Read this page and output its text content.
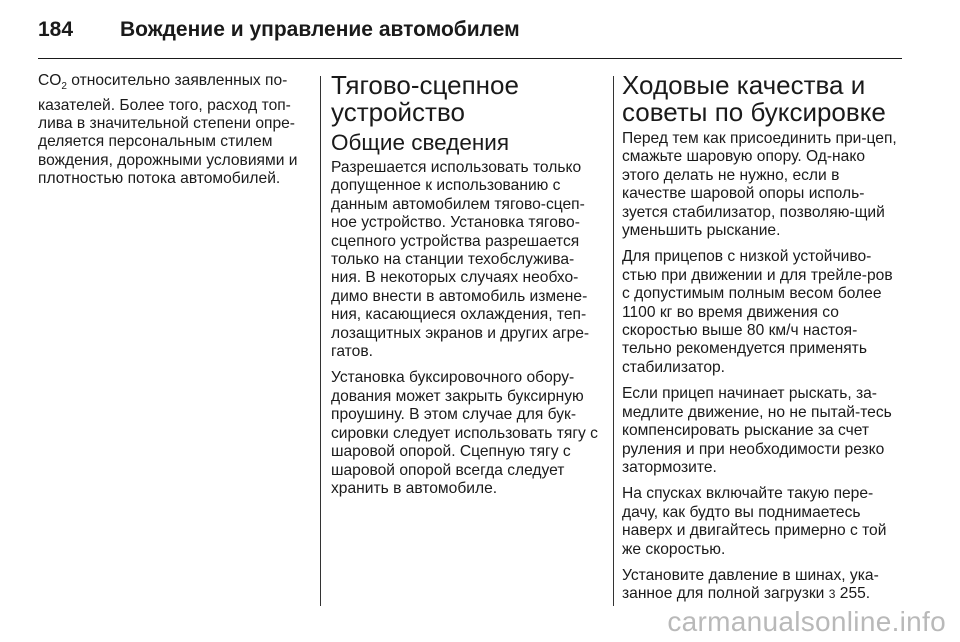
184 Вождение и управление автомобилем

$CO_2$ относительно заявленных по-казателей. Более того, расход топ-лива в значительной степени опре-деляется персональным стилем вождения, дорожными условиями и плотностью потока автомобилей.

Тягово-сцепное устройство
Общие сведения

Разрешается использовать только допущенное к использованию с данным автомобилем тягово-сцеп-ное устройство. Установка тягово-сцепного устройства разрешается только на станции техобслужива-ния. В некоторых случаях необхо-димо внести в автомобиль измене-ния, касающиеся охлаждения, теп-лозащитных экранов и других агре-гатов.

Установка буксировочного обору-дования может закрыть буксирную проушину. В этом случае для бук-сировки следует использовать тягу с шаровой опорой. Сцепную тягу с шаровой опорой всегда следует хранить в автомобиле.

Ходовые качества и советы по буксировке

Перед тем как присоединить при-цеп, смажьте шаровую опору. Од-нако этого делать не нужно, если в качестве шаровой опоры исполь-зуется стабилизатор, позволяю-щий уменьшить рыскание.

Для прицепов с низкой устойчиво-стью при движении и для трейле-ров с допустимым полным весом более 1100 кг во время движения со скоростью выше 80 км/ч настоя-тельно рекомендуется применять стабилизатор.

Если прицеп начинает рыскать, за-медлите движение, но не пытай-тесь компенсировать рыскание за счет руления и при необходимости резко затормозите.

На спусках включайте такую пере-дачу, как будто вы поднимаетесь наверх и двигайтесь примерно с той же скоростью.

Установите давление в шинах, ука-занное для полной загрузки 3 255.

carmanualsonline.info
